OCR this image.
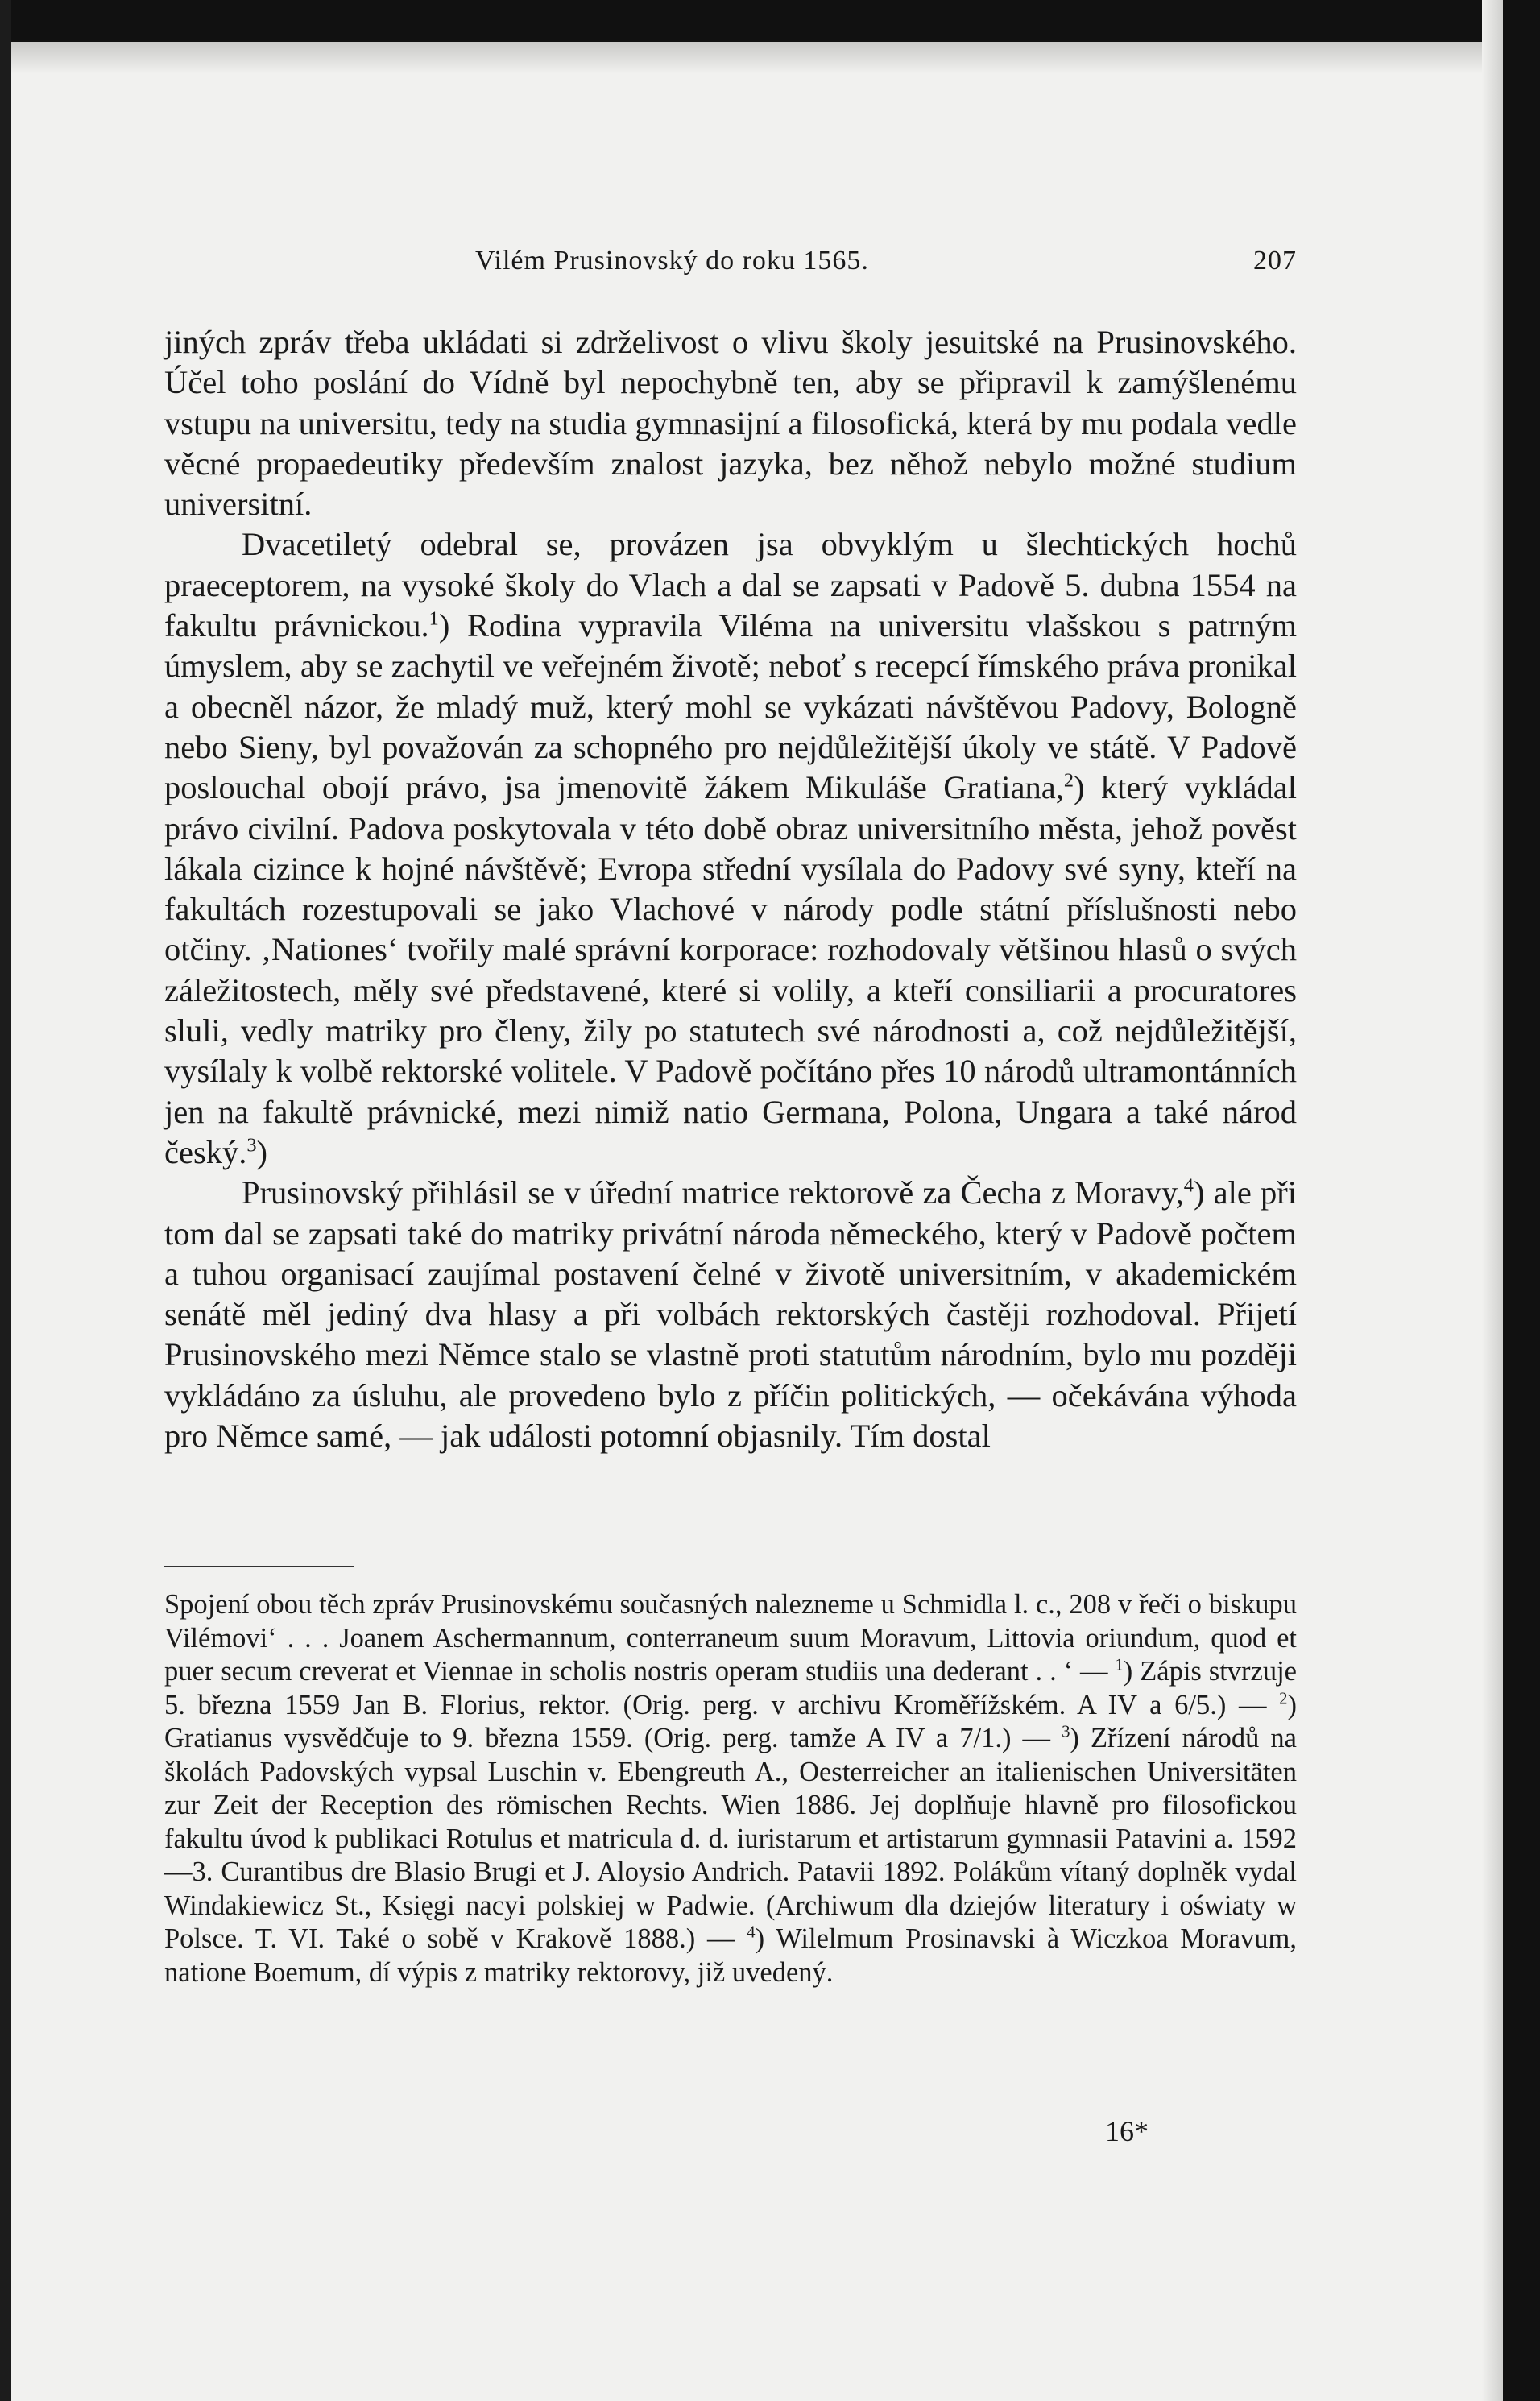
Vilém Prusinovský do roku 1565.	207

jiných zpráv třeba ukládati si zdrželivost o vlivu školy jesuitské na Prusinovského. Účel toho poslání do Vídně byl nepochybně ten, aby se připravil k zamýšlenému vstupu na universitu, tedy na studia gymnasijní a filosofická, která by mu podala vedle věcné propaedeutiky především znalost jazyka, bez něhož nebylo možné studium universitní.

Dvacetiletý odebral se, provázen jsa obvyklým u šlechtických hochů praeceptorem, na vysoké školy do Vlach a dal se zapsati v Padově 5. dubna 1554 na fakultu právnickou.$^1$) Rodina vypravila Viléma na universitu vlašskou s patrným úmyslem, aby se zachytil ve veřejném životě; neboť s recepcí římského práva pronikal a obecněl názor, že mladý muž, který mohl se vykázati návštěvou Padovy, Bologně nebo Sieny, byl považován za schopného pro nejdůležitější úkoly ve státě. V Padově poslouchal obojí právo, jsa jmenovitě žákem Mikuláše Gratiana,$^2$) který vykládal právo civilní. Padova poskytovala v této době obraz universitního města, jehož pověst lákala cizince k hojné návštěvě; Evropa střední vysílala do Padovy své syny, kteří na fakultách rozestupovali se jako Vlachové v národy podle státní příslušnosti nebo otčiny. ‚Nationes‘ tvořily malé správní korporace: rozhodovaly většinou hlasů o svých záležitostech, měly své představené, které si volily, a kteří consiliarii a procuratores sluli, vedly matriky pro členy, žily po statutech své národnosti a, což nejdůležitější, vysílaly k volbě rektorské volitele. V Padově počítáno přes 10 národů ultramontánních jen na fakultě právnické, mezi nimiž natio Germana, Polona, Ungara a také národ český.$^3$)

Prusinovský přihlásil se v úřední matrice rektorově za Čecha z Moravy,$^4$) ale při tom dal se zapsati také do matriky privátní národa německého, který v Padově počtem a tuhou organisací zaujímal postavení čelné v životě universitním, v akademickém senátě měl jediný dva hlasy a při volbách rektorských častěji rozhodoval. Přijetí Prusinovského mezi Němce stalo se vlastně proti statutům národním, bylo mu později vykládáno za úsluhu, ale provedeno bylo z příčin politických, — očekávána výhoda pro Němce samé, — jak události potomní objasnily. Tím dostal

Spojení obou těch zpráv Prusinovskému současných nalezneme u Schmidla l. c., 208 v řeči o biskupu Vilémovi‘ . . . Joanem Aschermannum, conterraneum suum Moravum, Littovia oriundum, quod et puer secum creverat et Viennae in scholis nostris operam studiis una dederant . . ‘ — $^1$) Zápis stvrzuje 5. března 1559 Jan B. Florius, rektor. (Orig. perg. v archivu Kroměřížském. A IV a 6/5.) — $^2$) Gratianus vysvědčuje to 9. března 1559. (Orig. perg. tamže A IV a 7/1.) — $^3$) Zřízení národů na školách Padovských vypsal Luschin v. Ebengreuth A., Oesterreicher an italienischen Universitäten zur Zeit der Reception des römischen Rechts. Wien 1886. Jej doplňuje hlavně pro filosofickou fakultu úvod k publikaci Rotulus et matricula d. d. iuristarum et artistarum gymnasii Patavini a. 1592—3. Curantibus dre Blasio Brugi et J. Aloysio Andrich. Patavii 1892. Polákům vítaný doplněk vydal Windakiewicz St., Księgi nacyi polskiej w Padwie. (Archiwum dla dziejów literatury i oświaty w Polsce. T. VI. Také o sobě v Krakově 1888.) — $^4$) Wilelmum Prosinavski à Wiczkoa Moravum, natione Boemum, dí výpis z matriky rektorovy, již uvedený.

16*
